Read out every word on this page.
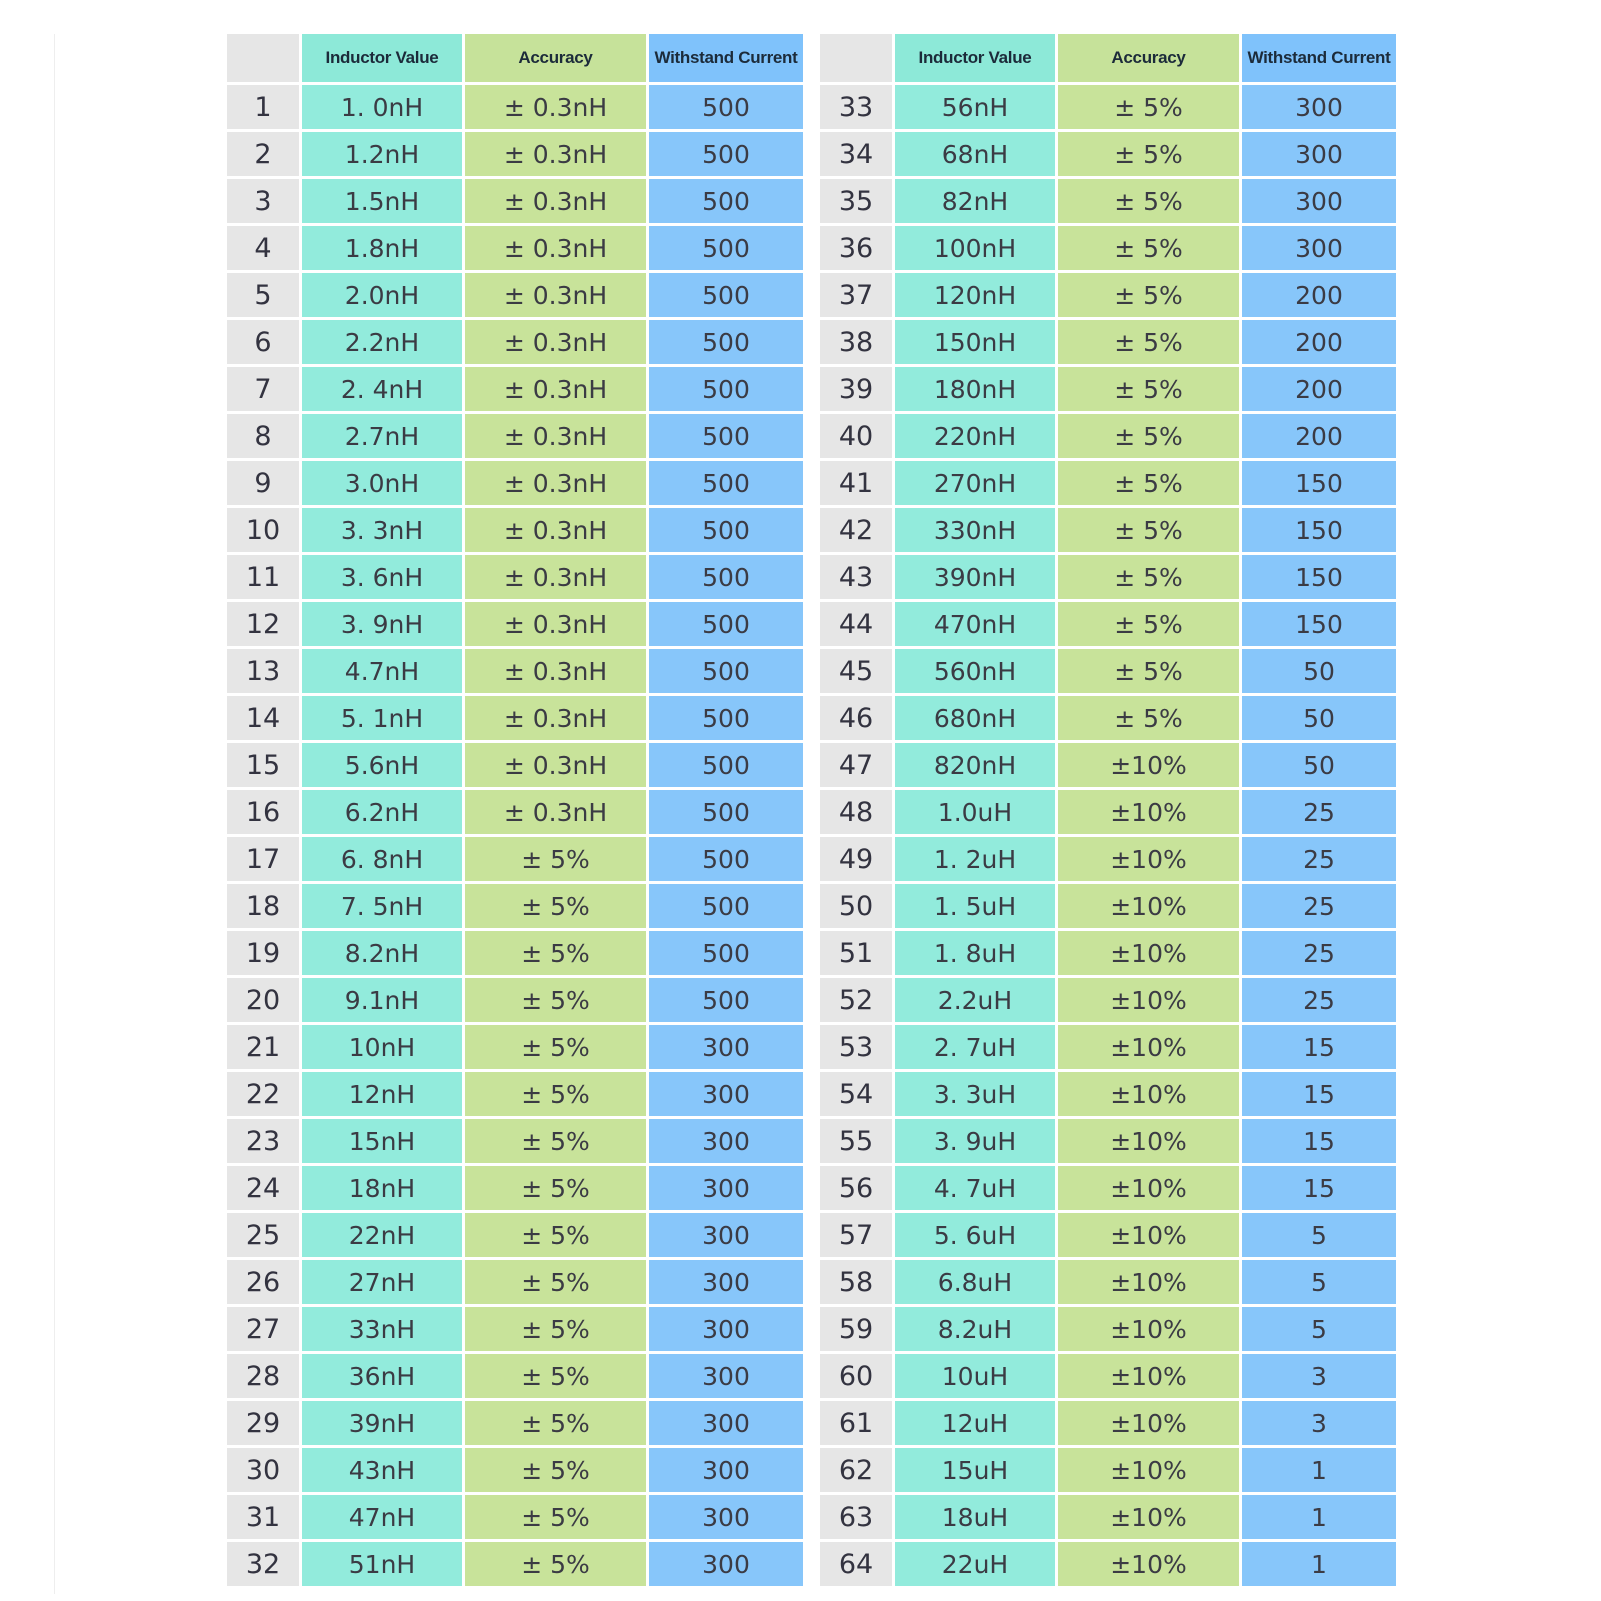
	Inductor Value	Accuracy	Withstand Current
1	1. 0nH	± 0.3nH	500
2	1.2nH	± 0.3nH	500
3	1.5nH	± 0.3nH	500
4	1.8nH	± 0.3nH	500
5	2.0nH	± 0.3nH	500
6	2.2nH	± 0.3nH	500
7	2. 4nH	± 0.3nH	500
8	2.7nH	± 0.3nH	500
9	3.0nH	± 0.3nH	500
10	3. 3nH	± 0.3nH	500
11	3. 6nH	± 0.3nH	500
12	3. 9nH	± 0.3nH	500
13	4.7nH	± 0.3nH	500
14	5. 1nH	± 0.3nH	500
15	5.6nH	± 0.3nH	500
16	6.2nH	± 0.3nH	500
17	6. 8nH	± 5%	500
18	7. 5nH	± 5%	500
19	8.2nH	± 5%	500
20	9.1nH	± 5%	500
21	10nH	± 5%	300
22	12nH	± 5%	300
23	15nH	± 5%	300
24	18nH	± 5%	300
25	22nH	± 5%	300
26	27nH	± 5%	300
27	33nH	± 5%	300
28	36nH	± 5%	300
29	39nH	± 5%	300
30	43nH	± 5%	300
31	47nH	± 5%	300
32	51nH	± 5%	300
	Inductor Value	Accuracy	Withstand Current
33	56nH	± 5%	300
34	68nH	± 5%	300
35	82nH	± 5%	300
36	100nH	± 5%	300
37	120nH	± 5%	200
38	150nH	± 5%	200
39	180nH	± 5%	200
40	220nH	± 5%	200
41	270nH	± 5%	150
42	330nH	± 5%	150
43	390nH	± 5%	150
44	470nH	± 5%	150
45	560nH	± 5%	50
46	680nH	± 5%	50
47	820nH	±10%	50
48	1.0uH	±10%	25
49	1. 2uH	±10%	25
50	1. 5uH	±10%	25
51	1. 8uH	±10%	25
52	2.2uH	±10%	25
53	2. 7uH	±10%	15
54	3. 3uH	±10%	15
55	3. 9uH	±10%	15
56	4. 7uH	±10%	15
57	5. 6uH	±10%	5
58	6.8uH	±10%	5
59	8.2uH	±10%	5
60	10uH	±10%	3
61	12uH	±10%	3
62	15uH	±10%	1
63	18uH	±10%	1
64	22uH	±10%	1
